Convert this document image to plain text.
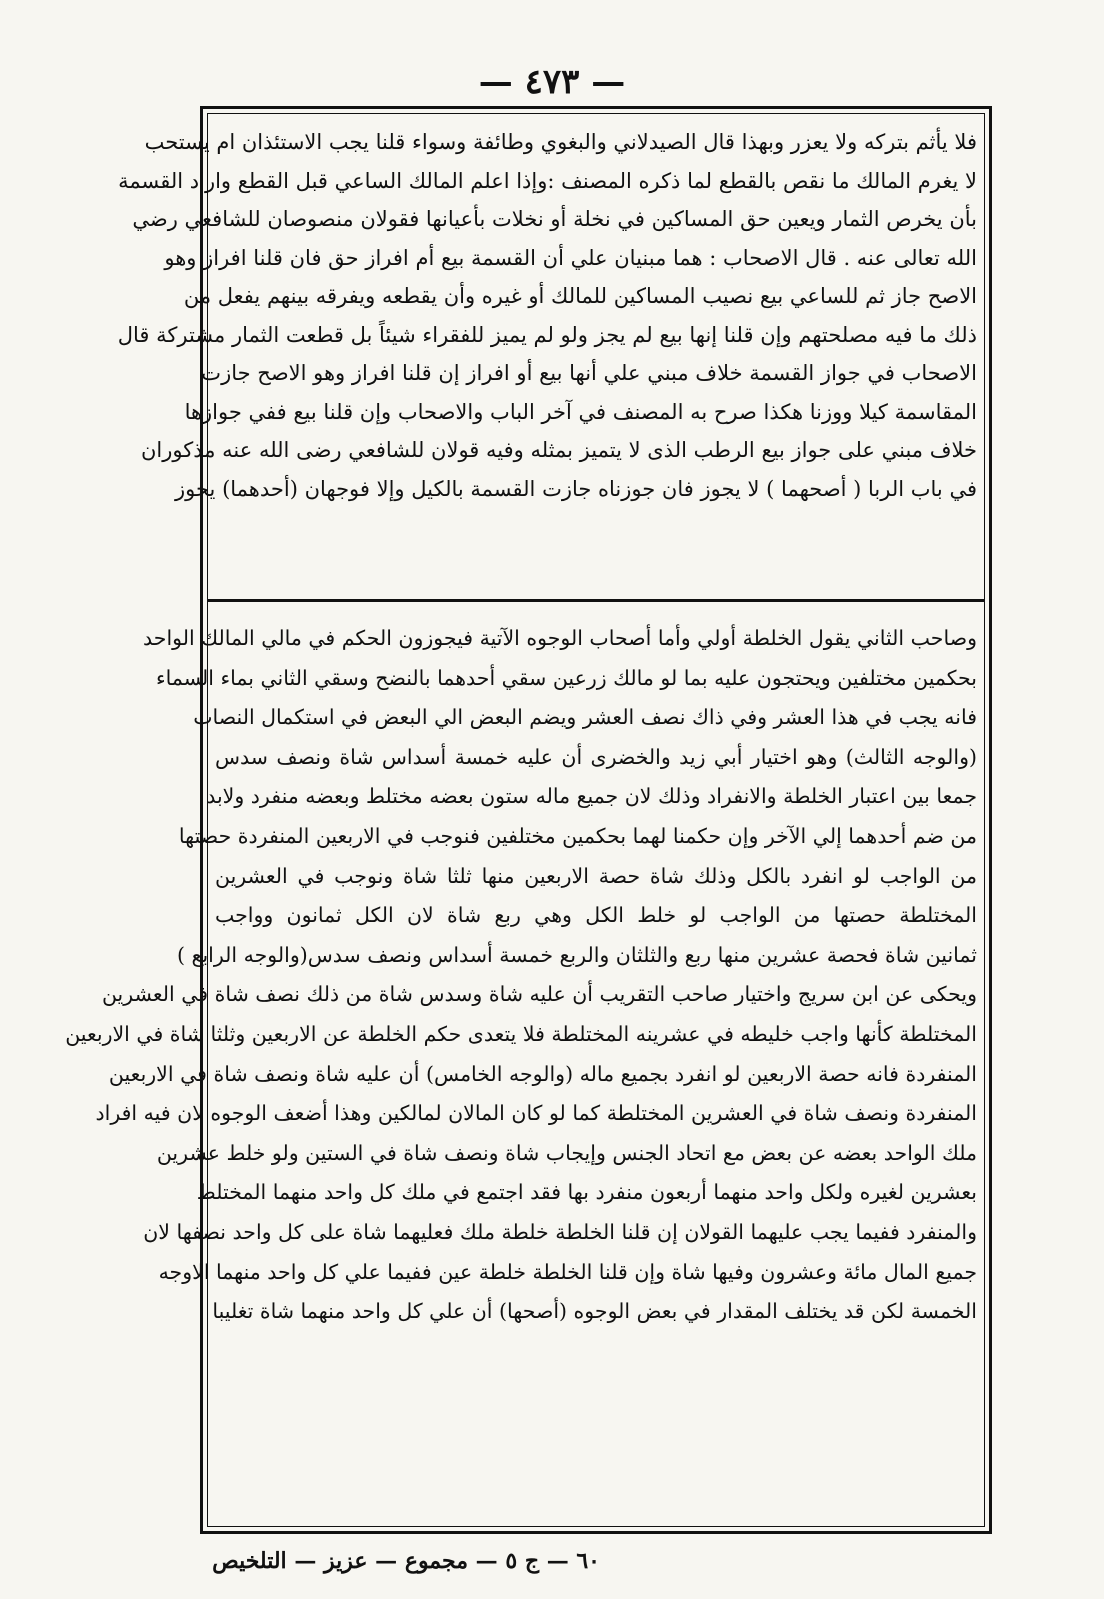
— ٤٧٣ —
فلا يأثم بتركه ولا يعزر وبهذا قال الصيدلاني والبغوي وطائفة وسواء قلنا يجب الاستئذان ام يستحب
لا يغرم المالك ما نقص بالقطع لما ذكره المصنف :وإذا اعلم المالك الساعي قبل القطع واراد القسمة
بأن يخرص الثمار ويعين حق المساكين في نخلة أو نخلات بأعيانها فقولان منصوصان للشافعي رضي
الله تعالى عنه . قال الاصحاب : هما مبنيان علي أن القسمة بيع أم افراز حق فان قلنا افراز وهو
الاصح جاز ثم للساعي بيع نصيب المساكين للمالك أو غيره وأن يقطعه ويفرقه بينهم يفعل من
ذلك ما فيه مصلحتهم وإن قلنا إنها بيع لم يجز ولو لم يميز للفقراء شيئاً بل قطعت الثمار مشتركة قال
الاصحاب في جواز القسمة خلاف مبني علي أنها بيع أو افراز إن قلنا افراز وهو الاصح جازت
المقاسمة كيلا ووزنا هكذا صرح به المصنف في آخر الباب والاصحاب وإن قلنا بيع ففي جوازها
خلاف مبني على جواز بيع الرطب الذى لا يتميز بمثله وفيه قولان للشافعي رضى الله عنه مذكوران
في باب الربا ( أصحهما ) لا يجوز فان جوزناه جازت القسمة بالكيل وإلا فوجهان (أحدهما) يجوز
وصاحب الثاني يقول الخلطة أولي وأما أصحاب الوجوه الآتية فيجوزون الحكم في مالي المالك الواحد
بحكمين مختلفين ويحتجون عليه بما لو مالك زرعين سقي أحدهما بالنضح وسقي الثاني بماء السماء
فانه يجب في هذا العشر وفي ذاك نصف العشر ويضم البعض الي البعض في استكمال النصاب
(والوجه الثالث) وهو اختيار أبي زيد والخضرى أن عليه خمسة أسداس شاة ونصف سدس
جمعا بين اعتبار الخلطة والانفراد وذلك لان جميع ماله ستون بعضه مختلط وبعضه منفرد ولابد
من ضم أحدهما إلي الآخر وإن حكمنا لهما بحكمين مختلفين فنوجب في الاربعين المنفردة حصتها
من الواجب لو انفرد بالكل وذلك شاة حصة الاربعين منها ثلثا شاة ونوجب في العشرين
المختلطة حصتها من الواجب لو خلط الكل وهي ربع شاة لان الكل ثمانون وواجب
ثمانين شاة فحصة عشرين منها ربع والثلثان والربع خمسة أسداس ونصف سدس(والوجه الرابع )
ويحكى عن ابن سريج واختيار صاحب التقريب أن عليه شاة وسدس شاة من ذلك نصف شاة في العشرين
المختلطة كأنها واجب خليطه في عشرينه المختلطة فلا يتعدى حكم الخلطة عن الاربعين وثلثا شاة في الاربعين
المنفردة فانه حصة الاربعين لو انفرد بجميع ماله (والوجه الخامس) أن عليه شاة ونصف شاة في الاربعين
المنفردة ونصف شاة في العشرين المختلطة كما لو كان المالان لمالكين وهذا أضعف الوجوه لان فيه افراد
ملك الواحد بعضه عن بعض مع اتحاد الجنس وإيجاب شاة ونصف شاة في الستين ولو خلط عشرين
بعشرين لغيره ولكل واحد منهما أربعون منفرد بها فقد اجتمع في ملك كل واحد منهما المختلط
والمنفرد ففيما يجب عليهما القولان إن قلنا الخلطة خلطة ملك فعليهما شاة على كل واحد نصفها لان
جميع المال مائة وعشرون وفيها شاة وإن قلنا الخلطة خلطة عين ففيما علي كل واحد منهما الاوجه
الخمسة لكن قد يختلف المقدار في بعض الوجوه (أصحها) أن علي كل واحد منهما شاة تغليبا
٦٠ — ج ٥ — مجموع — عزيز — التلخيص
